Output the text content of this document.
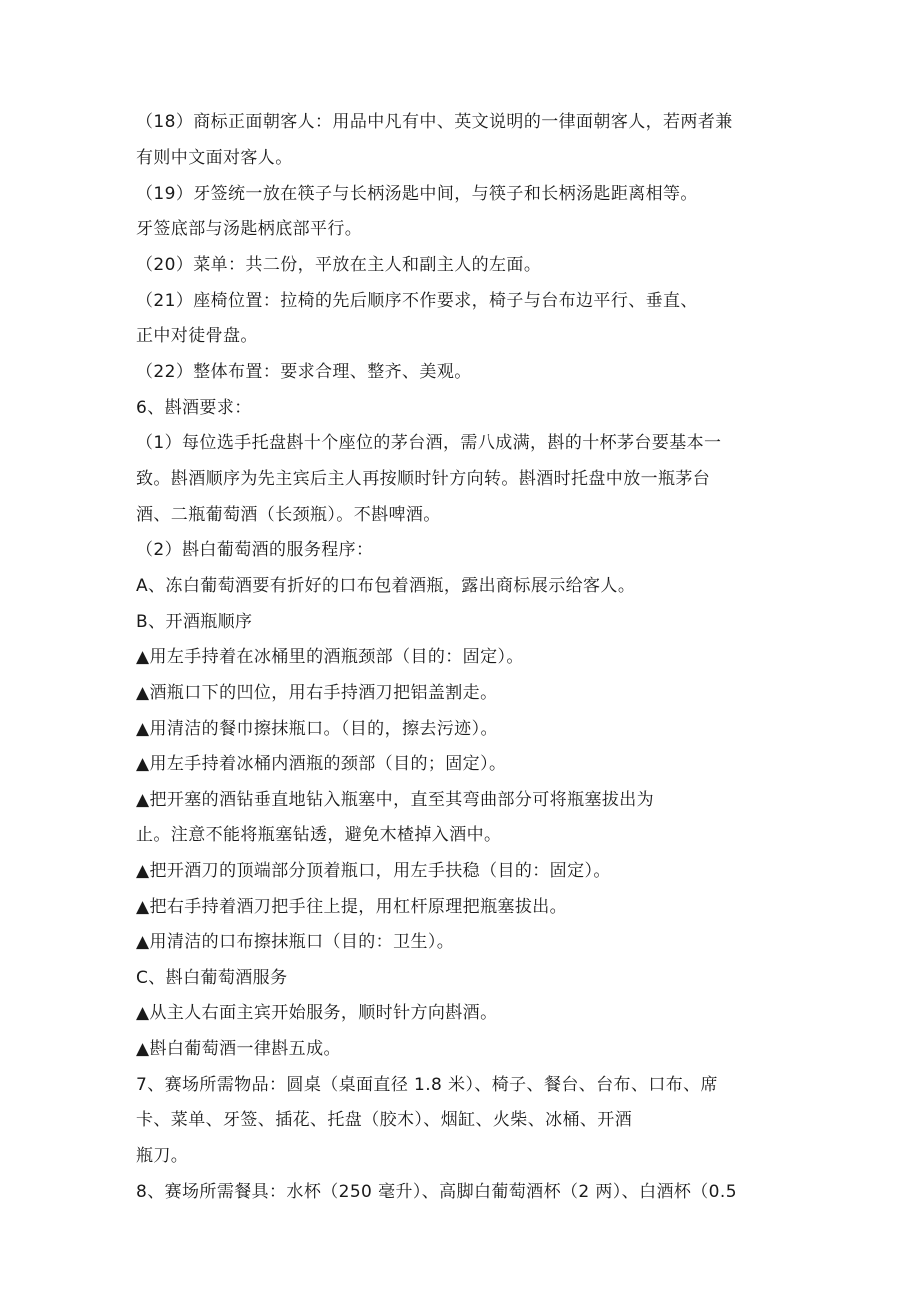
（18）商标正面朝客人：用品中凡有中、英文说明的一律面朝客人，若两者兼
有则中文面对客人。
（19）牙签统一放在筷子与长柄汤匙中间，与筷子和长柄汤匙距离相等。
牙签底部与汤匙柄底部平行。
（20）菜单：共二份，平放在主人和副主人的左面。
（21）座椅位置：拉椅的先后顺序不作要求，椅子与台布边平行、垂直、
正中对徒骨盘。
（22）整体布置：要求合理、整齐、美观。
6、斟酒要求：
（1）每位选手托盘斟十个座位的茅台酒，需八成满，斟的十杯茅台要基本一
致。斟酒顺序为先主宾后主人再按顺时针方向转。斟酒时托盘中放一瓶茅台
酒、二瓶葡萄酒（长颈瓶）。不斟啤酒。
（2）斟白葡萄酒的服务程序：
A、冻白葡萄酒要有折好的口布包着酒瓶，露出商标展示给客人。
B、开酒瓶顺序
▲用左手持着在冰桶里的酒瓶颈部（目的：固定）。
▲酒瓶口下的凹位，用右手持酒刀把铝盖割走。
▲用清洁的餐巾擦抹瓶口。（目的，擦去污迹）。
▲用左手持着冰桶内酒瓶的颈部（目的；固定）。
▲把开塞的酒钻垂直地钻入瓶塞中，直至其弯曲部分可将瓶塞拔出为
止。注意不能将瓶塞钻透，避免木楂掉入酒中。
▲把开酒刀的顶端部分顶着瓶口，用左手扶稳（目的：固定）。
▲把右手持着酒刀把手往上提，用杠杆原理把瓶塞拔出。
▲用清洁的口布擦抹瓶口（目的：卫生）。
C、斟白葡萄酒服务
▲从主人右面主宾开始服务，顺时针方向斟酒。
▲斟白葡萄酒一律斟五成。
7、赛场所需物品：圆桌（桌面直径 1.8 米）、椅子、餐台、台布、口布、席
卡、菜单、牙签、插花、托盘（胶木）、烟缸、火柴、冰桶、开酒
瓶刀。
8、赛场所需餐具：水杯（250 毫升）、高脚白葡萄酒杯（2 两）、白酒杯（0.5
